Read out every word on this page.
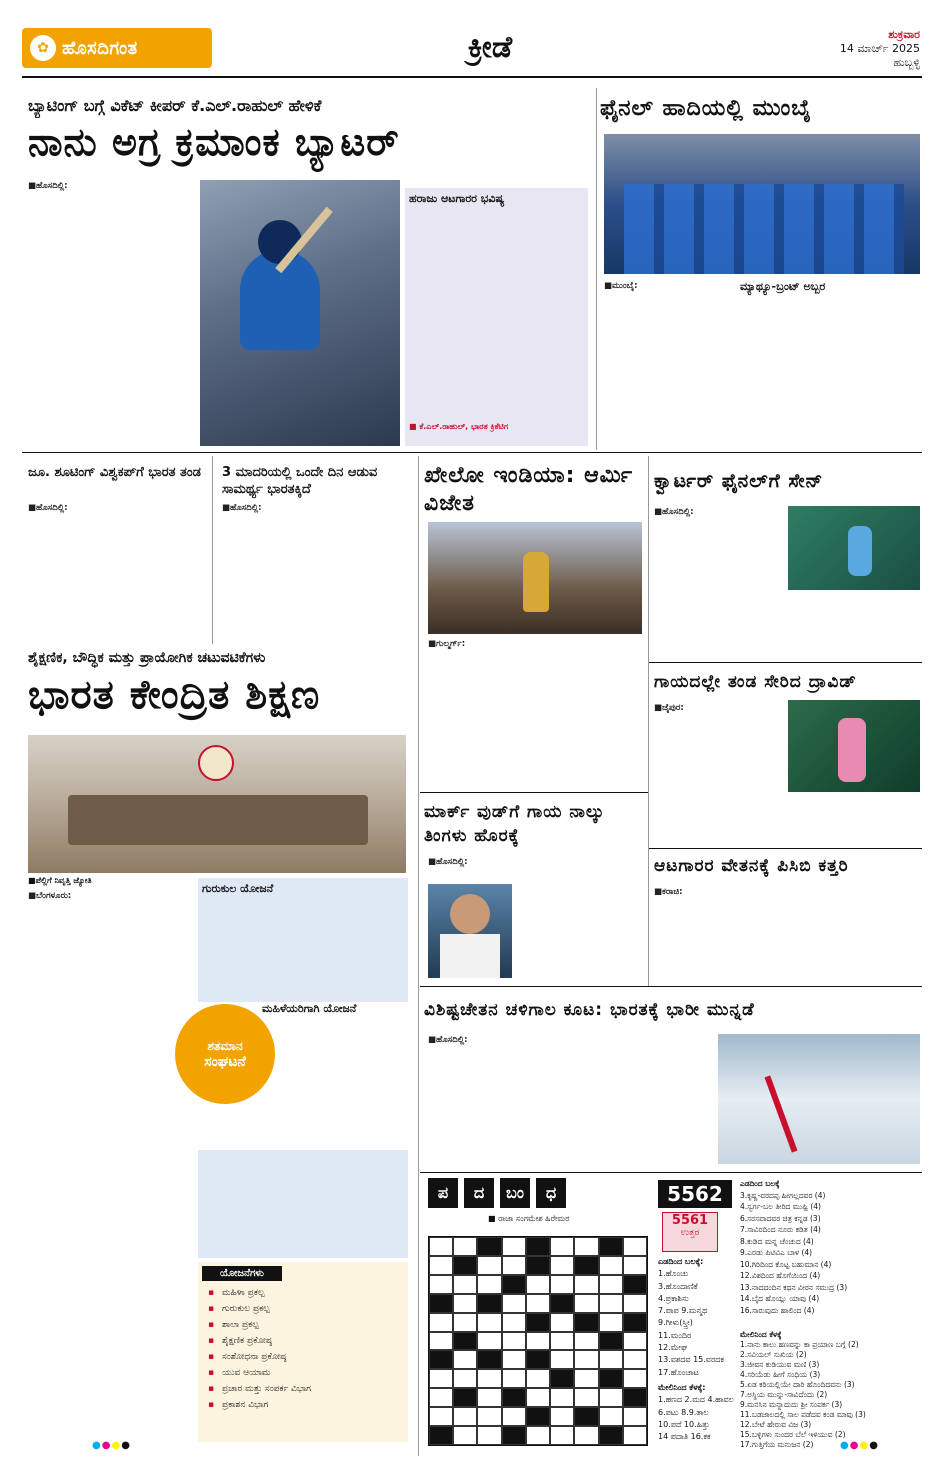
✿ ಹೊಸದಿಗಂತ	ಕ್ರೀಡೆ	ಶುಕ್ರವಾರ
14 ಮಾರ್ಚ್ 2025
ಹುಬ್ಬಳ್ಳಿ
ಬ್ಯಾಟಿಂಗ್ ಬಗ್ಗೆ ವಿಕೆಟ್ ಕೀಪರ್ ಕೆ.ಎಲ್.ರಾಹುಲ್ ಹೇಳಿಕೆ
ನಾನು ಅಗ್ರ ಕ್ರಮಾಂಕ ಬ್ಯಾಟರ್
■ಹೊಸದಿಲ್ಲಿ:
ಹರಾಜು ಆಟಗಾರರ ಭವಿಷ್ಯ
■ ಕೆ.ಎಲ್.ರಾಹುಲ್, ಭಾರತ ಕ್ರಿಕೆಟಿಗ
ಫೈನಲ್ ಹಾದಿಯಲ್ಲಿ ಮುಂಬೈ
■ಮುಂಬೈ:	ಮ್ಯಾಥ್ಯೂ-ಬ್ರಂಟ್ ಅಬ್ಬರ
ಜೂ. ಶೂಟಿಂಗ್ ವಿಶ್ವಕಪ್‌ಗೆ ಭಾರತ ತಂಡ
■ಹೊಸದಿಲ್ಲಿ:
3 ಮಾದರಿಯಲ್ಲಿ ಒಂದೇ ದಿನ ಆಡುವ ಸಾಮರ್ಥ್ಯ ಭಾರತಕ್ಕಿದೆ
■ಹೊಸದಿಲ್ಲಿ:
ಖೇಲೋ ಇಂಡಿಯಾ: ಆರ್ಮಿ ವಿಜೇತ
■ಗುಲ್ಮರ್ಗ್:
ಕ್ವಾರ್ಟರ್ ಫೈನಲ್‌ಗೆ ಸೇನ್
■ಹೊಸದಿಲ್ಲಿ:
ಶೈಕ್ಷಣಿಕ, ಬೌದ್ಧಿಕ ಮತ್ತು ಪ್ರಾಯೋಗಿಕ ಚಟುವಟಿಕೆಗಳು
ಭಾರತ ಕೇಂದ್ರಿತ ಶಿಕ್ಷಣ
■ಪೆಲ್ಲಿಗೆ ನಿವೃತ್ತಿ ಜ್ಯೋತಿ
■ಬೆಂಗಳೂರು:
ಗುರುಕುಲ ಯೋಜನೆ
ಶತಮಾನ
ಸಂಘಟನೆ
ಮಹಿಳೆಯರಿಗಾಗಿ ಯೋಜನೆ
ಯೋಜನೆಗಳು
▪ ಮಹಿಳಾ ಪ್ರಕಲ್ಪ
▪ ಗುರುಕುಲ ಪ್ರಕಲ್ಪ
▪ ಶಾಲಾ ಪ್ರಕಲ್ಪ
▪ ಶೈಕ್ಷಣಿಕ ಪ್ರಕೋಷ್ಠ
▪ ಸಂಶೋಧನಾ ಪ್ರಕೋಷ್ಠ
▪ ಯುವ ಆಯಾಮ
▪ ಪ್ರಚಾರ ಮತ್ತು ಸಂಪರ್ಕ ವಿಭಾಗ
▪ ಪ್ರಕಾಶನ ವಿಭಾಗ
ಗಾಯದಲ್ಲೇ ತಂಡ ಸೇರಿದ ದ್ರಾವಿಡ್
■ಜೈಪುರ:
ಮಾರ್ಕ್ ವುಡ್‌ಗೆ ಗಾಯ ನಾಲ್ಕು ತಿಂಗಳು ಹೊರಕ್ಕೆ
■ಹೊಸದಿಲ್ಲಿ:	ಆಟಗಾರರ ವೇತನಕ್ಕೆ ಪಿಸಿಬಿ ಕತ್ತರಿ
■ಕರಾಚಿ:
ವಿಶಿಷ್ಟಚೇತನ ಚಳಿಗಾಲ ಕೂಟ: ಭಾರತಕ್ಕೆ ಭಾರೀ ಮುನ್ನಡೆ
■ಹೊಸದಿಲ್ಲಿ:
ಪ	ದ	ಬಂ	ಧ
■ ರಾಜಾ ಸಂಗಮೇಶ ಹಿರೇಮಠ
5562
5561
ಉತ್ತರ
ಎಡದಿಂದ ಬಲಕ್ಕೆ:
1.ಹೊಂಚು
3.ಹೊಂದಾಣಿಕೆ
4.ಪ್ರಕಾಶಿಸು
7.ಪಾಪ 9.ಮನ್ಮಥ
9.ಗೀಳು(ಸ್ತ್ರೀ)
11.ಮಂದಿರ
12.ಮೇಘ
13.ವಶದವ 15.ವರದಕ
17.ಹೊಂಚಾಟ
ಮೇಲಿನಿಂದ ಕೆಳಕ್ಕೆ:
1.ಹಣದ 2.ಮದ 4.ಹಾವಲ
6.ಪಟು 8.9.ತಾಲ
10.ಪದೆ 10.ಹಿತ್ತು
14 ಪದಾತಿ 16.ಕಕ
ಎಡದಿಂದ ಬಲಕ್ಕೆ
3.ಕೃಷ್ಣ-ವರದಪ್ಪ ಹೀಗಲ್ಲದವರ (4)
4.ಸ್ವರ್ಗ-ಬಲ ತೀರಿದ ಮುಷ್ಟಿ (4)
6.ಸರಸವಾದವರ ಚಿತ್ರ ಕನ್ನಡ (3)
7.ಸಾವಿರದಿಂದ ನೂರು ಕಡಿತ (4)
8.ಕುಡಿದ ಮನ್ನ ಚೆಂಚುದ (4)
9.ಎರಡು ಪಿಟಿವಿಎ ಬಾಳ (4)
10.ಗಿರಿದಿಂದ ಕೊಟ್ಟ ಬಹುಮಾನ (4)
12.ವಿಶದಿಂದ ಹೊಗೆಯಿಂದ (4)
13.ನಾದದಂದಿನ ಕಥನ ವೀರನ ಸಮುದ್ರ (3)
14.ಬೈದ ಹೊಯ್ಲು ಯಾವು (4)
16.ಸಾರುವುದು ಹಾಲಿಂದ (4)
ಮೇಲಿನಿಂದ ಕೆಳಕ್ಕೆ
1.ನಾನು ಕಾಲು ಹಣವನ್ನು ಕಾ ಪ್ರಯಾಣ ಬಗ್ಗೆ (2)
2.ಸವಿಯಲ್ ಸುಖಿಯ (2)
3.ಜೀವನ ಕುಡಿಯುವ ಮಣಿ (3)
4.ಸರಿಯೆಡು ಹೀಗೆ ಸಂಧಿಯ (3)
5.ಏಡ ಕರಿಯಲ್ಲಿಯೇ ದಾರಿ ಹೊಂದಿದವನು (3)
7.ಅಸ್ಥಿಯ ಮುನ್ನು-ಸಾವಿದೆಂದು (2)
9.ಮನಸಿನ ಮನ್ನಾದುದು ಶ್ರೀ ಸಂಪರ್ಕ (3)
11.ಬಡಜಾಲದಲ್ಲಿ ಸಾಲ ಪಡೆದವ ಕಂಡ ಮಾವು (3)
12.ಬೇಟೆ ಹೇರುವ ವಿಜ (3)
15.ಬಳ್ಳಿಗಳು ಸುಂದರ ಬೆಲೆ ಇಳಿಯುವ (2)
17.ಗುತ್ತಿಗೆಯ ಮನುಜನ (2)
●●●●	●●●●
